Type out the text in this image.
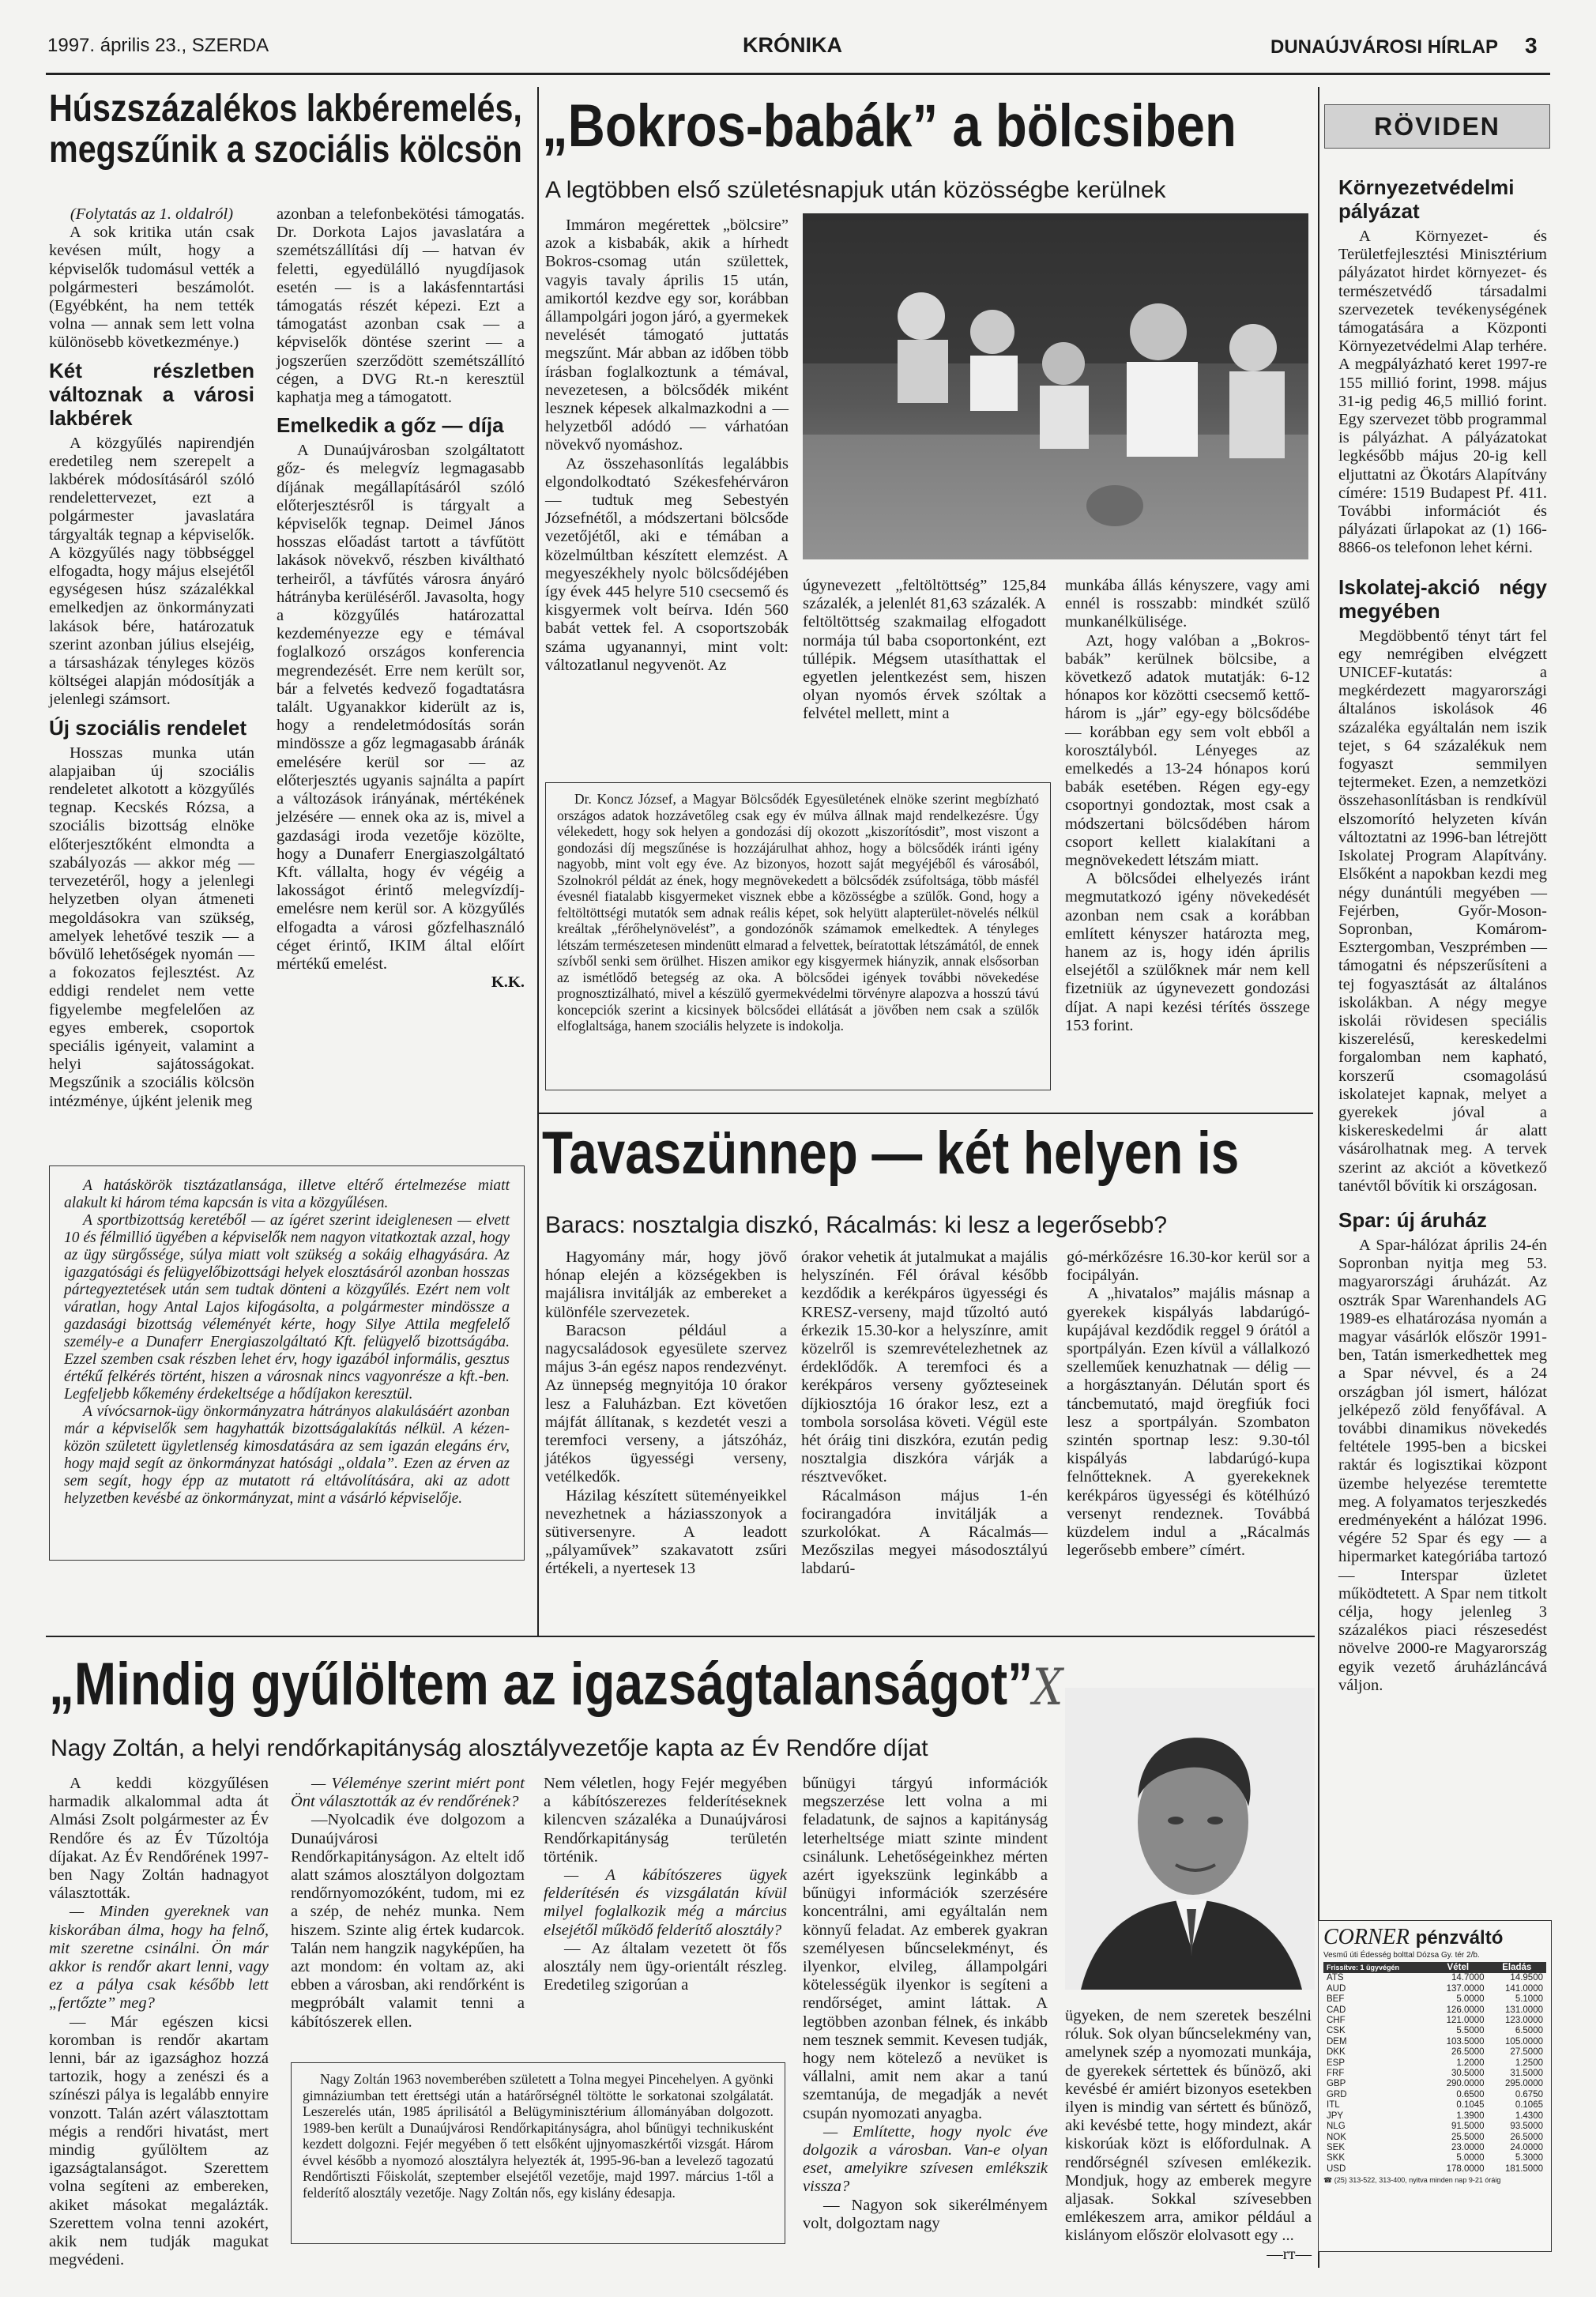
1997. április 23., SZERDA	KRÓNIKA	DUNAÚJVÁROSI HÍRLAP 3
Húszszázalékos lakbéremelés,
megszűnik a szociális kölcsön

(Folytatás az 1. oldalról)

A sok kritika után csak kevésen múlt, hogy a képviselők tudomásul vették a polgármesteri beszámolót. (Egyébként, ha nem tették volna — annak sem lett volna különösebb következménye.)

Két részletben változnak a városi lakbérek

A közgyűlés napirendjén eredetileg nem szerepelt a lakbérek módosításáról szóló rendelettervezet, ezt a polgármester javaslatára tárgyalták tegnap a képviselők. A közgyűlés nagy többséggel elfogadta, hogy május elsejétől egységesen húsz százalékkal emelkedjen az önkormányzati lakások bére, határozatuk szerint azonban július elsejéig, a társasházak tényleges közös költségei alapján módosítják a jelenlegi számsort.

Új szociális rendelet

Hosszas munka után alapjaiban új szociális rendeletet alkotott a közgyűlés tegnap. Kecskés Rózsa, a szociális bizottság elnöke előterjesztőként elmondta a szabályozás — akkor még — tervezetéről, hogy a jelenlegi helyzetben olyan átmeneti megoldásokra van szükség, amelyek lehetővé teszik — a bővülő lehetőségek nyomán — a fokozatos fejlesztést. Az eddigi rendelet nem vette figyelembe megfelelően az egyes emberek, csoportok speciális igényeit, valamint a helyi sajátosságokat. Megszűnik a szociális kölcsön intézménye, újként jelenik meg

azonban a telefonbekötési támogatás. Dr. Dorkota Lajos javaslatára a szemétszállítási díj — hatvan év feletti, egyedülálló nyugdíjasok esetén — is a lakásfenntartási támogatás részét képezi. Ezt a támogatást azonban csak — a képviselők döntése szerint — a jogszerűen szerződött szemétszállító cégen, a DVG Rt.-n keresztül kaphatja meg a támogatott.

Emelkedik a gőz — díja

A Dunaújvárosban szolgáltatott gőz- és melegvíz legmagasabb díjának megállapításáról szóló előterjesztésről is tárgyalt a képviselők tegnap. Deimel János hosszas előadást tartott a távfűtött lakások növekvő, részben kiváltható terheiről, a távfűtés városra ányáró hátrányba kerüléséről. Javasolta, hogy a közgyűlés határozattal kezdeményezze egy e témával foglalkozó országos konferencia megrendezését. Erre nem került sor, bár a felvetés kedvező fogadtatásra talált. Ugyanakkor kiderült az is, hogy a rendeletmódosítás során mindössze a gőz legmagasabb áránák emelésére kerül sor — az előterjesztés ugyanis sajnálta a papírt a változások irányának, mértékének jelzésére — ennek oka az is, mivel a gazdasági iroda vezetője közölte, hogy a Dunaferr Energiaszolgáltató Kft. vállalta, hogy év végéig a lakosságot érintő melegvízdíj-emelésre nem kerül sor. A közgyűlés elfogadta a városi gőzfelhasználó céget érintő, IKIM által előírt mértékű emelést.

K.K.

A hatáskörök tisztázatlansága, illetve eltérő értelmezése miatt alakult ki három téma kapcsán is vita a közgyűlésen.

A sportbizottság keretéből — az ígéret szerint ideiglenesen — elvett 10 és félmillió ügyében a képviselők nem nagyon vitatkoztak azzal, hogy az ügy sürgőssége, súlya miatt volt szükség a sokáig elhagyására. Az igazgatósági és felügyelőbizottsági helyek elosztásáról azonban hosszas pártegyeztetések után sem tudtak dönteni a közgyűlés. Ezért nem volt váratlan, hogy Antal Lajos kifogásolta, a polgármester mindössze a gazdasági bizottság véleményét kérte, hogy Silye Attila megfelelő személy-e a Dunaferr Energiaszolgáltató Kft. felügyelő bizottságába. Ezzel szemben csak részben lehet érv, hogy igazából informális, gesztus értékű felkérés történt, hiszen a városnak nincs vagyonrésze a kft.-ben. Legfeljebb kőkemény érdekeltsége a hődíjakon keresztül.

A vívócsarnok-ügy önkormányzatra hátrányos alakulásáért azonban már a képviselők sem hagyhatták bizottságalakítás nélkül. A kézen-közön született ügyletlenség kimosdatására az sem igazán elegáns érv, hogy majd segít az önkormányzat hatósági „oldala”. Ezen az érven az sem segít, hogy épp az mutatott rá eltávolítására, aki az adott helyzetben kevésbé az önkormányzat, mint a vásárló képviselője.

„Bokros-babák” a bölcsiben
A legtöbben első születésnapjuk után közösségbe kerülnek

Immáron megérettek „bölcsire” azok a kisbabák, akik a hírhedt Bokros-csomag után születtek, vagyis tavaly április 15 után, amikortól kezdve egy sor, korábban állampolgári jogon járó, a gyermekek nevelését támogató juttatás megszűnt. Már abban az időben több írásban foglalkoztunk a témával, nevezetesen, a bölcsődék miként lesznek képesek alkalmazkodni a — helyzetből adódó — várhatóan növekvő nyomáshoz.

Az összehasonlítás legalábbis elgondolkodtató Székesfehérváron — tudtuk meg Sebestyén Józsefnétől, a módszertani bölcsőde vezetőjétől, aki e témában a közelmúltban készített elemzést. A megyeszékhely nyolc bölcsődéjében így évek 445 helyre 510 csecsemő és kisgyermek volt beírva. Idén 560 babát vettek fel. A csoportszobák száma ugyanannyi, mint volt: változatlanul negyvenöt. Az

úgynevezett „feltöltöttség” 125,84 százalék, a jelenlét 81,63 százalék. A feltöltöttség szakmailag elfogadott normája túl baba csoportonként, ezt túllépik. Mégsem utasíthattak el egyetlen jelentkezést sem, hiszen olyan nyomós érvek szóltak a felvétel mellett, mint a

munkába állás kényszere, vagy ami ennél is rosszabb: mindkét szülő munkanélkülisége.

Azt, hogy valóban a „Bokros-babák” kerülnek bölcsibe, a következő adatok mutatják: 6-12 hónapos kor közötti csecsemő kettő-három is „jár” egy-egy bölcsődébe — korábban egy sem volt ebből a korosztályból. Lényeges az emelkedés a 13-24 hónapos korú babák esetében. Régen egy-egy csoportnyi gondoztak, most csak a módszertani bölcsődében három csoport kellett kialakítani a megnövekedett létszám miatt.

A bölcsődei elhelyezés iránt megmutatkozó igény növekedését azonban nem csak a korábban említett kényszer határozta meg, hanem az is, hogy idén április elsejétől a szülőknek már nem kell fizetniük az úgynevezett gondozási díjat. A napi kezési térítés összege 153 forint.

Dr. Koncz József, a Magyar Bölcsődék Egyesületének elnöke szerint megbízható országos adatok hozzávetőleg csak egy év múlva állnak majd rendelkezésre. Úgy vélekedett, hogy sok helyen a gondozási díj okozott „kiszorítósdit”, most viszont a gondozási díj megszűnése is hozzájárulhat ahhoz, hogy a bölcsődék iránti igény nagyobb, mint volt egy éve. Az bizonyos, hozott saját megyéjéből és városából, Szolnokról példát az ének, hogy megnövekedett a bölcsődék zsúfoltsága, több másfél évesnél fiatalabb kisgyermeket visznek ebbe a közösségbe a szülők. Gond, hogy a feltöltöttségi mutatók sem adnak reális képet, sok helyütt alapterület-növelés nélkül kreáltak „férőhelynövelést”, a gondozónők számamok emelkedtek. A tényleges létszám természetesen mindenütt elmarad a felvettek, beíratottak létszámától, de ennek szívből senki sem örülhet. Hiszen amikor egy kisgyermek hiányzik, annak elsősorban az ismétlődő betegség az oka. A bölcsődei igények további növekedése prognosztizálható, mivel a készülő gyermekvédelmi törvényre alapozva a hosszú távú koncepciók szerint a kicsinyek bölcsődei ellátását a jövőben nem csak a szülők elfoglaltsága, hanem szociális helyzete is indokolja.

Tavaszünnep — két helyen is
Baracs: nosztalgia diszkó, Rácalmás: ki lesz a legerősebb?

Hagyomány már, hogy jövő hónap elején a községekben is majálisra invitálják az embereket a különféle szervezetek.

Baracson például a nagycsaládosok egyesülete szervez május 3-án egész napos rendezvényt. Az ünnepség megnyitója 10 órakor lesz a Faluházban. Ezt követően májfát állítanak, s kezdetét veszi a teremfoci verseny, a játszóház, játékos ügyességi verseny, vetélkedők.

Házilag készített süteményeikkel nevezhetnek a háziasszonyok a sütiversenyre. A leadott „pályaművek” szakavatott zsűri értékeli, a nyertesek 13

órakor vehetik át jutalmukat a majális helyszínén. Fél órával később kezdődik a kerékpáros ügyességi és KRESZ-verseny, majd tűzoltó autó érkezik 15.30-kor a helyszínre, amit közelről is szemrevételezhetnek az érdeklődők. A teremfoci és a kerékpáros verseny győzteseinek díjkiosztója 16 órakor lesz, ezt a tombola sorsolása követi. Végül este hét óráig tini diszkóra, ezután pedig nosztalgia diszkóra várják a résztvevőket.

Rácalmáson május 1-én focirangadóra invitálják a szurkolókat. A Rácalmás—Mezőszilas megyei másodosztályú labdarú-

gó-mérkőzésre 16.30-kor kerül sor a focipályán.

A „hivatalos” majális másnap a gyerekek kispályás labdarúgó-kupájával kezdődik reggel 9 órától a sportpályán. Ezen kívül a vállalkozó szelleműek kenuzhatnak — délig — a horgásztanyán. Délután sport és táncbemutató, majd öregfiúk foci lesz a sportpályán. Szombaton szintén sportnap lesz: 9.30-tól kispályás labdarúgó-kupa felnőtteknek. A gyerekeknek kerékpáros ügyességi és kötélhúzó versenyt rendeznek. Továbbá küzdelem indul a „Rácalmás legerősebb embere” címért.

RÖVIDEN
Környezetvédelmi pályázat

A Környezet- és Területfejlesztési Minisztérium pályázatot hirdet környezet- és természetvédő társadalmi szervezetek tevékenységének támogatására a Központi Környezetvédelmi Alap terhére. A megpályázható keret 1997-re 155 millió forint, 1998. május 31-ig pedig 46,5 millió forint. Egy szervezet több programmal is pályázhat. A pályázatokat legkésőbb május 20-ig kell eljuttatni az Ökotárs Alapítvány címére: 1519 Budapest Pf. 411. További információt és pályázati űrlapokat az (1) 166-8866-os telefonon lehet kérni.

Iskolatej-akció négy megyében

Megdöbbentő tényt tárt fel egy nemrégiben elvégzett UNICEF-kutatás: a megkérdezett magyarországi általános iskolások 46 százaléka egyáltalán nem iszik tejet, s 64 százalékuk nem fogyaszt semmilyen tejtermeket. Ezen, a nemzetközi összehasonlításban is rendkívül elszomorító helyzeten kíván változtatni az 1996-ban létrejött Iskolatej Program Alapítvány. Elsőként a napokban kezdi meg négy dunántúli megyében — Fejérben, Győr-Moson-Sopronban, Komárom-Esztergomban, Veszprémben — támogatni és népszerűsíteni a tej fogyasztását az általános iskolákban. A négy megye iskolái rövidesen speciális kiszerelésű, kereskedelmi forgalomban nem kapható, korszerű csomagolású iskolatejet kapnak, melyet a gyerekek jóval a kiskereskedelmi ár alatt vásárolhatnak meg. A tervek szerint az akciót a következő tanévtől bővítik ki országosan.

Spar: új áruház

A Spar-hálózat április 24-én Sopronban nyitja meg 53. magyarországi áruházát. Az osztrák Spar Warenhandels AG 1989-es elhatározása nyomán a magyar vásárlók először 1991-ben, Tatán ismerkedhettek meg a Spar névvel, és a 24 országban jól ismert, hálózat jelképező zöld fenyőfával. A további dinamikus növekedés feltétele 1995-ben a bicskei raktár és logisztikai központ üzembe helyezése teremtette meg. A folyamatos terjeszkedés eredményeként a hálózat 1996. végére 52 Spar és egy — a hipermarket kategóriába tartozó — Interspar üzletet működtetett. A Spar nem titkolt célja, hogy jelenleg 3 százalékos piaci részesedést növelve 2000-re Magyarország egyik vezető áruházláncává váljon.

CORNER pénzváltó
Vesmű úti Édesség bolttal Dózsa Gy. tér 2/b.
Frissítve: 1 ügyvégén	Vétel	Eladás
ATS	14.7000	14.9500
AUD	137.0000	141.0000
BEF	5.0000	5.1000
CAD	126.0000	131.0000
CHF	121.0000	123.0000
CSK	5.5000	6.5000
DEM	103.5000	105.0000
DKK	26.5000	27.5000
ESP	1.2000	1.2500
FRF	30.5000	31.5000
GBP	290.0000	295.0000
GRD	0.6500	0.6750
ITL	0.1045	0.1065
JPY	1.3900	1.4300
NLG	91.5000	93.5000
NOK	25.5000	26.5000
SEK	23.0000	24.0000
SKK	5.0000	5.3000
USD	178.0000	181.5000
☎ (25) 313-522, 313-400, nyitva minden nap 9-21 óráig
„Mindig gyűlöltem az igazságtalanságot”X
Nagy Zoltán, a helyi rendőrkapitányság alosztályvezetője kapta az Év Rendőre díjat

A keddi közgyűlésen harmadik alkalommal adta át Almási Zsolt polgármester az Év Rendőre és az Év Tűzoltója díjakat. Az Év Rendőrének 1997-ben Nagy Zoltán hadnagyot választották.

— Minden gyereknek van kiskorában álma, hogy ha felnő, mit szeretne csinálni. Ön már akkor is rendőr akart lenni, vagy ez a pálya csak később lett „fertőzte” meg?

— Már egészen kicsi koromban is rendőr akartam lenni, bár az igazsághoz hozzá tartozik, hogy a zenészi és a színészi pálya is legalább ennyire vonzott. Talán azért választottam mégis a rendőri hivatást, mert mindig gyűlöltem az igazságtalanságot. Szerettem volna segíteni az embereken, akiket másokat megalázták. Szerettem volna tenni azokért, akik nem tudják magukat megvédeni.

— Véleménye szerint miért pont Önt választották az év rendőrének?

—Nyolcadik éve dolgozom a Dunaújvárosi Rendőrkapitányságon. Az eltelt idő alatt számos alosztályon dolgoztam rendőrnyomozóként, tudom, mi ez a szép, de nehéz munka. Nem hiszem. Szinte alig értek kudarcok. Talán nem hangzik nagyképűen, ha azt mondom: én voltam az, aki ebben a városban, aki rendőrként is megpróbált valamit tenni a kábítószerek ellen.

Nem véletlen, hogy Fejér megyében a kábítószerezes felderítéseknek kilencven százaléka a Dunaújvárosi Rendőrkapitányság területén történik.

— A kábítószeres ügyek felderítésén és vizsgálatán kívül milyel foglalkozik még a március elsejétől működő felderítő alosztály?

— Az általam vezetett öt fős alosztály nem ügy-orientált részleg. Eredetileg szigorúan a

bűnügyi tárgyú információk megszerzése lett volna a mi feladatunk, de sajnos a kapitányság leterheltsége miatt szinte mindent csinálunk. Lehetőségeinkhez mérten azért igyekszünk leginkább a bűnügyi információk szerzésére koncentrálni, ami egyáltalán nem könnyű feladat. Az emberek gyakran személyesen bűncselekményt, és ilyenkor, elvileg, állampolgári kötelességük ilyenkor is segíteni a rendőrséget, amint láttak. A legtöbben azonban félnek, és inkább nem tesznek semmit. Kevesen tudják, hogy nem kötelező a nevüket is vállalni, amit nem akar a tanú szemtanúja, de megadják a nevét csupán nyomozati anyagba.

— Említette, hogy nyolc éve dolgozik a városban. Van-e olyan eset, amelyikre szívesen emlékszik vissza?

— Nagyon sok sikerélményem volt, dolgoztam nagy

ügyeken, de nem szeretek beszélni róluk. Sok olyan bűncselekmény van, amelynek szép a nyomozati munkája, de gyerekek sértettek és bűnöző, aki kevésbé ér amiért bizonyos esetekben ilyen is mindig van sértett és bűnöző, aki kevésbé tette, hogy mindezt, akár kiskorúak közt is előfordulnak. A rendőrségnél szívesen emlékezik. Mondjuk, hogy az emberek megyre aljasak. Sokkal szívesebben emlékeszem arra, amikor például a kislányom először elolvasott egy ...

—rт—

Nagy Zoltán 1963 novemberében született a Tolna megyei Pincehelyen. A gyönki gimnáziumban tett érettségi után a határőrségnél töltötte le sorkatonai szolgálatát. Leszerelés után, 1985 áprilisától a Belügyminisztérium állományában dolgozott. 1989-ben került a Dunaújvárosi Rendőrkapitányságra, ahol bűnügyi technikusként kezdett dolgozni. Fejér megyében ő tett elsőként ujjnyomaszkértői vizsgát. Három évvel később a nyomozó alosztályra helyezték át, 1995-96-ban a levelező tagozatú Rendőrtiszti Főiskolát, szeptember elsejétől vezetője, majd 1997. március 1-től a felderítő alosztály vezetője. Nagy Zoltán nős, egy kislány édesapja.
